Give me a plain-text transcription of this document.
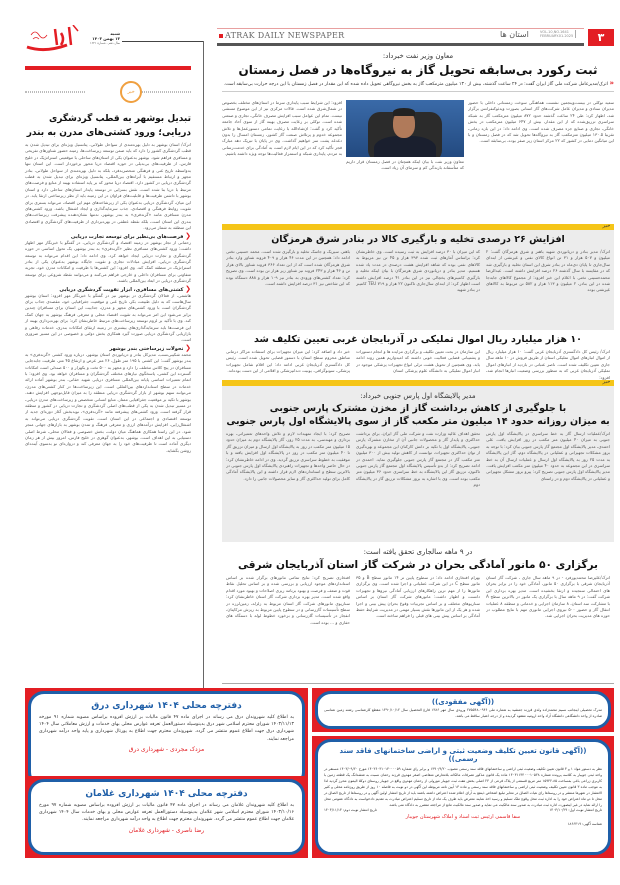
ATRAK DAILY NEWSPAPER	استان ها	VOL.10,NO.1641
FEBRUARY.01.2025	۳
شنبه
۱۳ بهمن ۱۴۰۳
سال دهم - شماره ۱۶۴۱
خبر
تبدیل بوشهر به قطب گردشگری دریایی؛ ورود کشتی‌های مدرن به بندر
اترک/ استان بوشهر به دلیل بهره‌مندی از سواحل طولانی، پتانسیل ویژه‌ای برای تبدیل شدن به قطب گردشگری کشور را دارد که باید ضمن توسعه زیرساخت‌ها، زمینه حضور شناورهای تفریحی و مسافری فراهم شود. بوشهر به‌عنوان یکی از استان‌های ساحلی با موقعیتی استراتژیک در خلیج فارس، از ظرفیت‌های بی‌بدیلی در حوزه اقتصاد دریا محور برخوردار است. این استان تنها به‌واسطه تاریخ غنی و فرهنگی منحصربه‌فرد، بلکه به دلیل بهره‌مندی از سواحل طولانی، بنادر مجهز و ارتباط مستقیم با آبراه‌های بین‌المللی، پتانسیل ویژه‌ای برای تبدیل شدن به قطب گردشگری دریایی در کشور دارد. اقتصاد دریا محور که بر پایه استفاده بهینه از منابع و فرصت‌های مرتبط با دریا بنا شده است، نقش بسزایی در توسعه پایدار استان‌های ساحلی دارد و استان بوشهر با داشتن ظرفیت‌ها و قابلیت‌های فراوان در این زمینه باید از نظر زیرساختی ارتقا یابد. در این میان، گردشگری دریایی به‌عنوان یکی از زیرشاخه‌های مهم این اقتصاد، می‌تواند بستری برای تقویت روابط فرهنگی و اقتصادی، جذب سرمایه‌گذاری و ایجاد اشتغال باشد. ورود کشتی‌های مدرن مسافری مانند «گرندفری» به بندر بوشهر، نه‌تنها نشان‌دهنده پیشرفت زیرساخت‌های بندری این استان است، بلکه نقطه عطفی در بهره‌برداری از ظرفیت‌های گردشگری و اقتصادی این منطقه به شمار می‌رود.
❮ فرصت‌های بی‌نظیر برای توسعه تجارت دریایی
رحمانی از تجار بوشهر در زمینه اقتصاد و گردشگری دریایی، در گفتگو با خبرنگار مهر اظهار داشت: ورود کشتی‌های مسافری نظیر «گرندفری» به بندر بوشهر، یک تحول اساسی در حوزه گردشگری و تجارت دریایی ایجاد خواهد کرد. وی ادامه داد: این اقدام می‌تواند به توسعه گردشگری دریایی، افزایش مبادلات تجاری و تقویت جایگاه بوشهر به‌عنوان یکی از بنادر استراتژیک در منطقه کمک کند. وی افزود: این کشتی‌ها با ظرفیت و امکانات مدرن خود، تجربه متفاوتی برای مسافران داخلی و خارجی فراهم می‌کنند و می‌توانند نقطه شروعی برای توسعه گردشگری دریایی در ابعاد بین‌المللی باشند.
❮ کشتی‌های مسافری، ابزار تقویت گردشگری دریایی
هاشمی، از فعالان گردشگری در بوشهر نیز در گفتگو با خبرنگار مهر افزود: استان بوشهر سال‌هاست که به دلیل طبیعت بکر، تاریخ غنی و موقعیت جغرافیایی خود، مقصدی جذاب برای گردشگران است با ورود کشتی‌های مجهز و مدرن، جذابیت این استان برای مسافران چندین برابر می‌شود این امر می‌تواند به تقویت اقتصاد محلی و معرفی فرهنگ بوشهر به جهان کمک کند. وی با تأکید بر لزوم توسعه زیرساخت‌های مرتبط خاطرنشان کرد: برای بهره‌برداری بهینه از این فرصت‌ها باید سرمایه‌گذاری‌های بیشتری در زمینه ارتقای امکانات بندری، خدمات رفاهی و بازاریابی گردشگری دریایی صورت گیرد همکاری بخش دولتی و خصوصی در این مسیر ضروری است.
❮ تحولات زیرساختی بندر بوشهر
محمد شکیبی‌نسب، مدیرکل بنادر و دریانوردی استان بوشهر، درباره ورود کشتی «گرندفری» به بندر بوشهر گفت: این کشتی با ۱۹۵ متر طول، ۲۶ متر عرض و ارتفاع ۴۵ متر، ظرفیت جابه‌جایی مسافران در پنج کلاس مختلف را دارد و مجهز به ۵۰۰ تخت و یکهزار و ۵۰۰ صندلی است امکانات گسترده این کشتی، پاسخگوی نیازهای مختلف گردشگران و مسافران خواهد بود. وی افزود: با اتمام تعمیرات اساسی پایانه بین‌المللی مسافری دریایی شهید حقانی، بندر بوشهر آماده ارائه خدمات در سطح استانداردهای بین‌المللی است. این زیرساخت‌ها در کنار کشتی‌های مدرن، می‌توانند سهم بوشهر از بازار گردشگری دریایی منطقه را به میزان قابل‌توجهی افزایش دهند. بوشهر با تکیه بر موقعیت جغرافیایی ممتاز، منابع انسانی متخصص و زیرساخت‌های مدرن دریایی، در مسیر تبدیل شدن به یکی از قطب‌های اصلی گردشگری و تجارت دریایی در کشور و منطقه قرار گرفته است. ورود کشتی‌های پیشرفته مانند «گرندفری»، نویدبخش آغاز دوره‌ای جدید از توسعه اقتصادی و اجتماعی در این استان است. تقویت گردشگری دریایی می‌تواند به اشتغال‌زایی، افزایش درآمدهای ارزی و معرفی فرهنگ و تمدن بوشهر به بازارهای جهانی منجر شود. در این راستا همکاری هماهنگ میان دولت، بخش خصوصی و فعالان محلی، شرط اصلی دستیابی به این اهداف است. بوشهر، به‌عنوان گوهری در خلیج فارس، امروز بیش از هر زمان دیگری آماده است تا ظرفیت‌های خود را به جهان معرفی کند و دروازه‌ای نو به‌سوی آینده‌ای روشن بگشاید.
معاون وزیر نفت خبرداد:
ثبت رکورد بی‌سابقه تحویل گاز به نیروگاه‌ها در فصل زمستان
« اترک/مدیرعامل شرکت ملی گاز ایران گفت: در ۲۴ ساعت گذشته، بیش از ۱۳۰ میلیون مترمکعب گاز به بخش نیروگاهی تحویل داده شده که این مقدار در فصل زمستان با این درجه حرارت بی‌سابقه است.
سعید توکلی در بیست‌وپنجمین نشست هماهنگی سوخت زمستانی داخلی با حضور مدیران ستادی و مدیران عامل شرکت‌های گاز استانی بصورت ویدئوکنفرانس برگزار شد، اظهار کرد: طی ۲۴ ساعت گذشته حدود ۸۷۲ میلیون مترمکعب گاز به شبکه سراسری تزریق‌شده که از این مقدار، بیش از ۶۴۷ میلیون مترمکعب در بخش خانگی، تجاری و صنایع جزء مصرف شده است. وی ادامه داد: در این بازه زمانی، تقریبا ۱۳۰.۵ میلیون مترمکعب گاز به نیروگاه‌ها تحویل شد که در فصل زمستان و با این میانگین دمایی در کشور که ۲۲ مرکز استان زیر صفر بوده، بی‌سابقه است.
معاون وزیر نفت با بیان اینکه همچنان در فصل زمستان قرار داریم که متأسفانه بارندگی کم و سرمای آن زیاد است.
افزود: این شرایط سبب پایداری سرما در استان‌های مختلف بخصوص در شمال‌شرق شده است. قالات مرکزی نیز از این موضوع مستثنی نیست. تمام این عوامل سبب افزایش مصرف خانگی، تجاری و صنعتی شده است. توکلی بر رعایت مصرف بهینه گاز از سوی آحاد جامعه تأکید کرد و گفت: ان‌شاءالله با رعایت تمامی دستورعمل‌ها و تلاش مجموعه خدوم و پرتلاش صنعت گاز کشور، زمستان امسال را بدون دغدغه پشت سر خواهیم گذاشت. وی در پایان با تبریک دهه مبارک فجر تأکید کرد که در این ایام لازم است به آمادگی برای خدمت‌رسانی به مردم، پایداری شبکه و استمرار فعالیت‌ها توجه ویژه داشته باشیم.
خبر
افزایش ۲۶ درصدی تخلیه و بارگیری کالا در بنادر شرق هرمزگان
اترک/ مدیر بنادر و دریانوردی شهید باهنر و شرق هرمزگان گفت: ۲ میلیون و ۵۰۷ هزار و ۳۱ تن انواع کالای نفتی و غیرنفتی از ابتدای سال‌جاری تا پایان دی‌ماه در بنادر شرق این استان تخلیه و بارگیری شد که در مقایسه با سال گذشته ۲۶ درصد افزایش داشته است. عبدالرضا محمدحسینی تختی با اعلام این خبر افزود: از مجموع کالاهای جابه‌جا شده در این بنادر، ۲ میلیون و ۱۱۳ هزار و ۵۸۲ تن مربوط به کالاهای غیرنفتی بوده
که این میزان با ۳۰ درصد افزایش به ثبت رسیده است. وی خاطرنشان کرد: براساس آمارهای ثبت شده ۳۹۳ هزار و ۴۵ تن نیز مربوط به کالاهای نفتی بوده که شاهد افزایش هشت درصدی در مدت یاد شده هستیم. مدیر بنادر و دریانوردی شرق هرمزگان با بیان اینکه تخلیه و بارگیری کانتینرهای یخچالی نیز در این بنادر ۴۱ درصد افزایش داشته است اظهار کرد: از ابتدای سال‌جاری تاکنون ۲۲ هزار و ۷۱۹ TEU کانتینر در بنادر شهید
باهنر، سیریک و جاسک تخلیه و بارگیری شده است. محمد حسینی تختی ادامه داد: همچنین در این مدت ۴۶ هزار و ۴۰۹ فروند شناور وارد بنادر شرق هرمزگان شده است که از این تعداد ۳۶۶ فروند شناور بالای هزار تن و ۴۶ هزار و ۲۴۳ فروند نیز شناور زیر هزار تن بوده است. وی تصریح کرد: تعداد کشتی‌های ورودی به بنادر نیز ۱۰۹ هزار و ۸۸۸ دستگاه بوده که این شاخص نیز ۳۱ درصد افزایش داشته است.
۱۰ هزار میلیارد ریال اموال تملیکی در آذربایجان غربی تعیین تکلیف شد
اترک/ رئیس کل دادگستری آذربایجان غربی گفت: ۱۰ هزار میلیارد ریال از اموال انبارهای اموال تملیکی استان از طریق فروش در ۱۰ ماهه سال جاری تعیین تکلیف شده است. ناصر عتباتی در بازدید از انبارهای اموال تملیکی آذربایجان غربی که به منظور بررسی وضعیت انبارها انجام شد، افزود:
این سازمان در بحث تعیین تکلیف و برگزاری مزایده ها و انجام دستورات و پشتیبانی قضایی فعالیت خوبی داشته که امیدواریم همین روند ادامه یابد. وی همچنین از تحویل هشت ترلی انواع تجهیزات پزشکی موجود در انبار اموال تملیکی به دانشگاه علوم پزشکی استان
خبر داد و اضافه کرد: این میزان تجهیزات برای استفاده مراکز درمانی مناطق محروم سطح استان با دستور قضایی تحویل شده است. رئیس کل دادگستری آذربایجان غربی ادامه داد: این اقلام شامل تجهیزات پزشکی، سونوگرافی، یونیت دندانپزشکی و اقلامی از این دست بوده‌اند.
خبر
مدیر پالایشگاه اول پارس جنوبی خبرداد:
با جلوگیری از کاهش برداشت گاز از مخزن مشترک پارس جنوبی
به میزان روزانه حدود ۱۴ میلیون متر مکعب گاز از سوی پالایشگاه اول پارس جنوبی
اترک/عملیات ارسال گاز به خط سراسری در پالایشگاه اول پارس جنوبی به میزان ۴۰ میلیون متر مکعب در روز افزایش یافت. علی احمدی، مدیر پالایشگاه اول مجتمع گاز پارس جنوبی بیان کرد: با توجه به بروز مشکلات تجهیزاتی و عملیاتی در پالایشگاه دوم، گاز این پالایشگاه به مدت ۲۵ روز به پالایشگاه اول ارسال و عملیات ارسال آن به خط سراسری در این مجموعه به حدود ۴۰ میلیون متر مکعب افزایش یافت. مدیر پالایشگاه اول پارس جنوبی تصریح کرد: پیرو بروز مشکل تجهیزاتی و عملیاتی در پالایشگاه دوم و در راستای
تحقق اهداف عالیه وزارت نفت و شرکت ملی گاز ایران، برای برداشت حداکثری و پایدار گاز و محصولات جانبی آن از مخازن مشترک پارس جنوبی، پالایشگاه اول با تکیه بر دانش کارکنان این مجموعه و بهره‌گیری از توان حداکثری تجهیزات، توانست از کاهش تولید بیش از ۳۰۰ میلیون متر مکعب گاز در مجتمع گاز پارس جنوبی جلوگیری نماید. احمدی در ادامه تصریح کرد: از بدو تأسیس پالایشگاه اول مجتمع گاز پارس جنوبی تاکنون، تزریق گاز این پالایشگاه به خط سراسری حدود ۳۶ میلیون متر مکعب بوده است. وی با اشاره به بروز مشکلات تزریق گاز در پالایشگاه دوم
تصریح کرد: با ایجاد تمهیدات لازم و تلاش واحدهای تعمیراتی، بهره برداری و مهندسی، به مدت ۲۵ روز، گاز پالایشگاه دوم به میزان حدود ۱۵ میلیون متر مکعب در روز به پالایشگاه اول ارسال و میزان تزریق گاز تا ۴۰ میلیون متر مکعب در روز در پالایشگاه اول افزایش یافته و با موفقیت به خطوط سراسری تزریق گردید. وی در ادامه خاطرنشان کرد: در حال حاضر واحدها و تجهیزات راهبردی پالایشگاه اول پارس جنوبی در بالاترین سطح و استانداردهای لازم قرار داشته و این پالایشگاه آمادگی کامل برای تولید حداکثری گاز و سایر محصولات جانبی را دارد.
در ۹ ماهه سالجاری تحقق یافته است:
برگزاری ۵۰ مانور آمادگی بحران در شرکت گاز استان آذربایجان شرقی
اترک/علیرضا محمدپورفرد - در ۹ ماهه سال جاری ، شرکت گاز استان آذربایجان شرقی با برگزاری ۵۰ مانور، آمادگی خود را در برابر بحران های احتمالی سنجیده و ارتقا بخشیده است. مدیر بهره برداری این شرکت گفت: در ۹ ماهه سال با برگزاری یک مانور در بالاترین سطح A با مشارکت سه استان، ۸ سازمان اجرایی و خدماتی و منطقه ۸ عملیات انتقال گاز و حضور ۵۰۰ نیروی اجرایی مانوری مهم با نتایج مطلوب در حوزه های مدیریت بحران اجرایی شد.
بهرام افتخاری ادامه داد: در سطوح پایین تر ۱۴ مانور سطح B و ۳۵ مانور سطح C در این شرکت عملیاتی و اجرا شده است. وی برگزاری مانورها را از مهم ترین راهکارهای ارزیابی آمادگی نیروها و تجهیزات دانست و اظهار داشت: مانورهای شرکت گاز استان بر اساس سناریوهای مختلف و بر اساس تجربیات وقوع بحران پیش بینی و اجرا شده و هر یک از این مانورها نقش بسیار مهمی در مدیریت شرایط حفظ آمادگی بر اساس پیش بینی های قبلی را فراهم ساخته است.
افتخاری تصریح کرد: نتایج تمامی مانورهای برگزار شده بر اساس استانداردهای موجود ارزیابی و بررسی شده و بر اساس تحلیل نقاط قوت و ضعف و فرصت و بهبود برنامه ریزی اصلاحات و بهبود مورد اقدام واقع شده است. مدیر بهره برداری شرکت گاز استان خاطرنشان کرد: سناریوی مانورهای شرکت گاز استان مربوط به زلزله، زمین‌لرزه در سطح تأسیسات گازرسانی و در سطوح پایین مربوط به ریزش مرکاپتان، انفجار در تأسیسات گازرسانی و برخورد خطوط لوله با دستگاه های حفاری و ... بوده است.
دفترچه محلی ۱۴۰۴ شهرداری درق
به اطلاع کلیه شهروندان درق می رساند در اجرای ماده ۴۷ قانون مالیات بر ارزش افزوده براساس مصوبه شماره ۹۱ مورخه ۱۴۰۳/۱۱/۱۳ شورای محترم اسلامی شهر درق بدینوسیله دستورالعمل تعرفه عوارض محلی بهای خدمات و ارزش معاملاتی سال ۱۴۰۴ شهرداری درق جهت اطلاع عموم منتشر می گردد. شهروندان محترم جهت اطلاع به پورتال شهرداری و پایه واحد درآمد شهرداری مراجعه نمایند.
مزدک مجردی - شهرداری درق
دفترچه محلی ۱۴۰۴ شهرداری غلامان
به اطلاع کلیه شهروندان غلامان می رساند در اجرای ماده ۴۷ قانون مالیات بر ارزش افزوده براساس مصوبه شماره ۹۷ مورخ ۱۴۰۳/۱۰/۱۶ شورای محترم اسلامی شهر غلامان بدینوسیله دستورالعمل تعرفه عوارض محلی و بهای خدمات سال ۱۴۰۴ شهرداری غلامان جهت اطلاع عموم منتشر می گردد. شهروندان محترم جهت اطلاع به واحد درآمد شهرداری مراجعه نمایند.
رضا ناصری - شهرداری غلامان
((آگهی مفقودی))
مدرک تحصیلی اینجانب نسیم محمدزاده ولدی فرزند جمشید به شماره ملی ۰۹۴۶-۲۷۵۵۴۸ ورودی سال مهر ۱۳۸۶ فارغ التحصیل سال ۱۳۹۰/۱۰/۱۲ مقطع کارشناسی رشته زمین شناسی صادره از واحد دانشگاهی دانشگاه آزاد واحد ارومیه مفقود گردیده و از درجه اعتبار ساقط می باشد.
((آگهی قانون تعیین تکلیف وضعیت ثبتی و اراضی ساختمانهای فاقد سند رسمی))
نظر به دستور مواد ۱ و ۳ قانون تعیین تکلیف وضعیت ثبتی اراضی و ساختمانهای فاقد سند رسمی مصوب ۱۳۹۰/۹/۲۰ و برابر رای شماره ۱۴۰۳۶۰۳۱۰۱۳۰۰۰۰۵۹ مورخ ۱۴۰۳/۰۹/۲۰ مستقر در واحد ثبتی جویبار به کلاسه پرونده شماره ۱۴۰۳۱۱۴۴۰۰۰۱۰۵۲۸ ماده یک قانون مذکور تصرفات مالکانه بلامعارض متقاضی اصغر مهدوی فرزند رحمان نسبت به ششدانگ یک قطعه زمین با کاربری زراعی باغی بمساحت ۱۵۹۴۲.۸۵ متر مربع قسمتی از پلاک فرعی از ۲۴ اصلی بخش هفت ثبت جویبار مورولی از رحمان مهدوی واقع در جویبار روستای دوکلا الیمون محرز گردید لذا به موجب ماده ۳ قانون تعیین تکلیف وضعیت ثبتی اراضی و ساختمانهای فاقد سند رسمی و ماده ۱۳ آیین نامه مربوطه این آگهی در دو نوبت به فاصله ۱۰ روز از طریق روزنامه محلی و کثیر الانتشار در شهرها منتشر و در روستاها رای هیات الصاق در معابر تبلیغ اشخاص ذینفع به آرای اعلام شده اعتراض داشته باشند باید از تاریخ انتشار اولین آگهی و در روستاها از تاریخ الصاق در محل تا دو ماه اعتراض خود را به اداره ثبت محل وقوع ملک تسلیم و رسید اخذ نمایند معترض باید ظرف یک ماه از تاریخ تسلیم اعتراض مبادرت به تقدیم دادخواست به دادگاه عمومی محل را ارائه نماید در غیر اینصورت اداره ثبت مبادرت به صدور سند مالکیت می نماید و صدور سند مالکیت مانع از مراجعه متضرر به دادگاه نمی باشد.
تاریخ انتشار نوبت اول: ۱۴۰۳/۱۰/۲۹
تاریخ انتشار نوبت دوم: ۱۴۰۳/۱۱/۱۳
سفا قاسمی ارئیس ثبت اسناد و املاک شهرستان جویبار
شناسه آگهی: ۱۸۶۶۴۱۹
